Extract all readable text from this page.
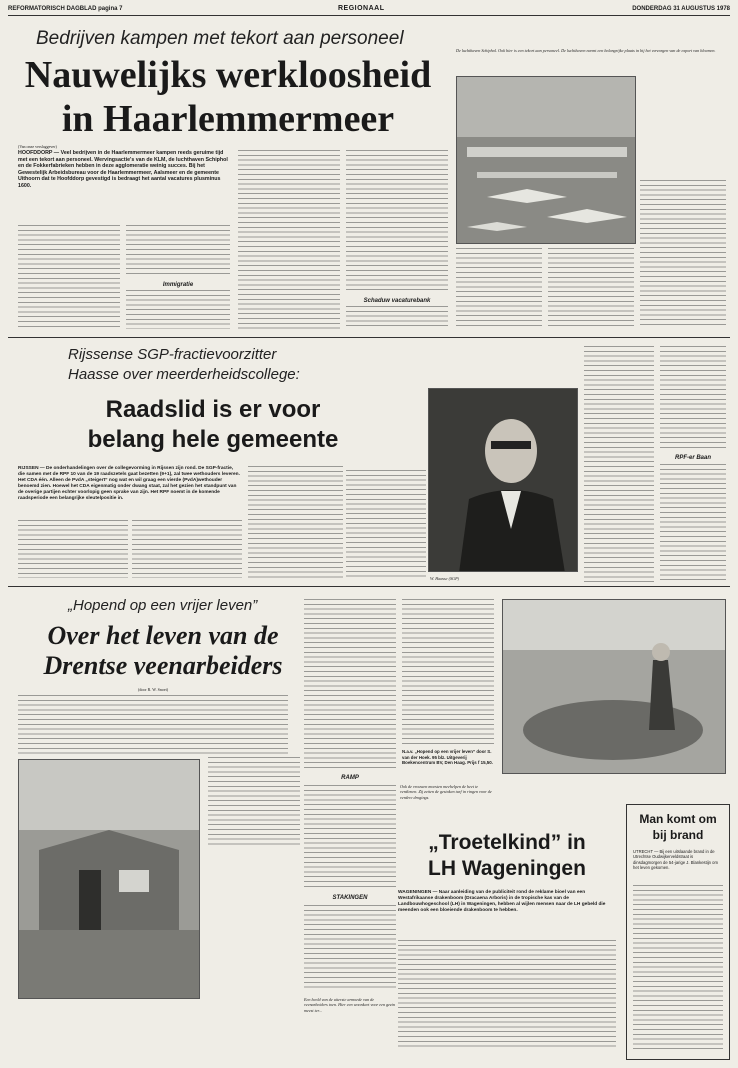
REFORMATORISCH DAGBLAD pagina 7	REGIONAAL	DONDERDAG 31 AUGUSTUS 1978
Bedrijven kampen met tekort aan personeel
Nauwelijks werkloosheid
in Haarlemmermeer
(Van onze verslaggever)
HOOFDDORP — Veel bedrijven in de Haarlemmermeer kampen reeds geruime tijd met een tekort aan personeel. Wervingsactie's van de KLM, de luchthaven Schiphol en de Fokkerfabrieken hebben in deze agglomeratie weinig succes. Bij het Gewestelijk Arbeidsbureau voor de Haarlemmermeer, Aalsmeer en de gemeente Uithoorn dat te Hoofddorp gevestigd is bedraagt het aantal vacatures plusminus 1600.
Immigratie
Schaduw vacaturebank
De luchthaven Schiphol. Ook hier is een tekort aan personeel. De luchthaven neemt een belangrijke plaats in bij het verzorgen van de export van bloemen.
Rijssense SGP-fractievoorzitter
Haasse over meerderheidscollege:
Raadslid is er voor
belang hele gemeente
RIJSSEN — De onderhandelingen over de collegevorming in Rijssen zijn rond. De SGP-fractie, die samen met de RPF 10 van de 19 raadszetels gaat bezetten (9+1), zal twee wethouders leveren. Het CDA één. Alleen de PvdA „steigert” nog wat en wil graag een vierde (PvdA)wethouder benoemd zien. Hoewel het CDA eigenmatig onder dwang staat, zal het gezien het standpunt van de overige partijen echter voorlopig geen sprake van zijn. Het RPF noemt in de komende raadsperiode een belangrijke sleutelpositie in.
W. Haasse (SGP)
RPF-er Baan
„Hopend op een vrijer leven”
Over het leven van de
Drentse veenarbeiders
(door R. W. Snoei)
RAMP
STAKINGEN
Een beeld van de uiterste armoede van de veenarbeiders toen. Hier een woonkeet voor een gezin meest ter...
N.a.v. „Hopend op een vrijer leven” door S. van der Hoek. 95 blz. Uitgeverij Boekencentrum BV, Den Haag. Prijs f 15,50.
Ook de vrouwen moesten meehelpen de heet te verdienen. Zij zetten de gestoken turf in ringen voor de verdere drogings.
„Troetelkind” in
LH Wageningen
WAGENINGEN — Naar aanleiding van de publiciteit rond de reklame bioel van een Westafrikaanse drakenboom (Dracaena Arboris) in de tropische kas van de Landbouwhogeschool (LH) in Wageningen, hebben al wijlen mensen naar de LH gebeld die meenden ook een bloeiende drakenboom te hebben.
Man komt om
bij brand
UTRECHT — Bij een uitslaande brand in de Utrechtse Oudwijkerveldstraat is dinsdagmorgen de 54-jarige J. Blankestijn om het leven gekomen.
